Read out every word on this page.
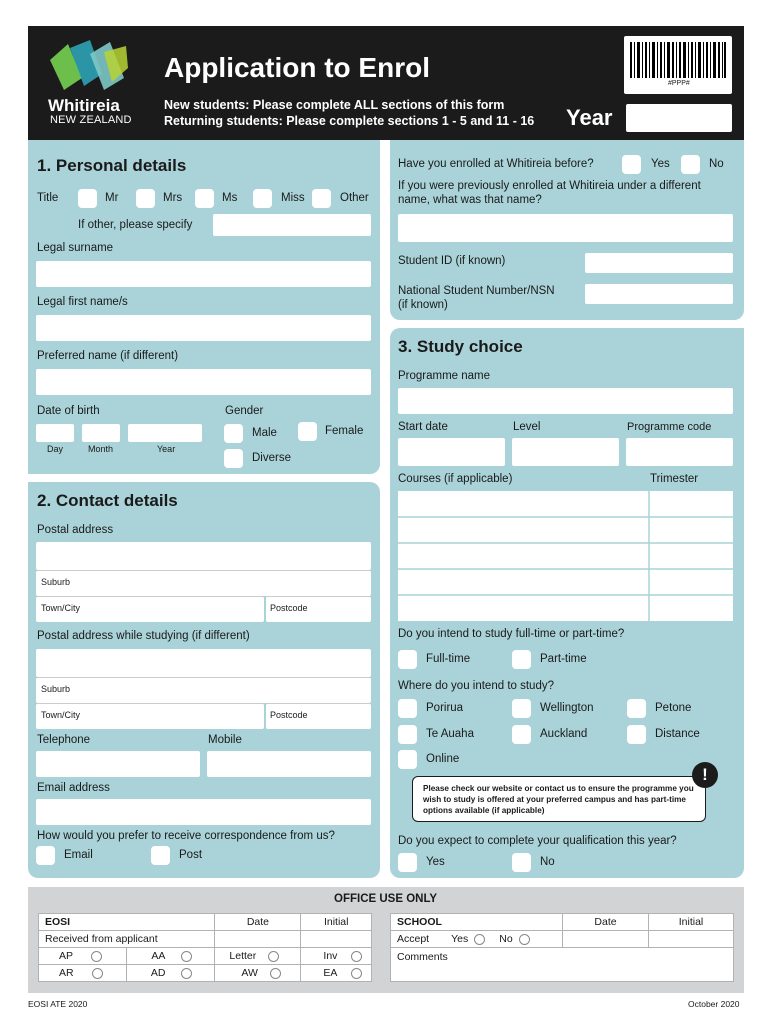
Whitireia
NEW ZEALAND
Application to Enrol
New students: Please complete ALL sections of this form
Returning students: Please complete sections 1 - 5 and 11 - 16 Year
#PPP#
1. Personal details
Title	Mr	Mrs	Ms	Miss	Other
If other, please specify
Legal surname
Legal first name/s
Preferred name (if different)
Date of birth
Day	Month	Year
Gender
Male	Female
Diverse
Have you enrolled at Whitireia before?	Yes	No
If you were previously enrolled at Whitireia under a different
name, what was that name?
Student ID (if known)
National Student Number/NSN
(if known)
2. Contact details
Postal address
Suburb
Town/City	Postcode
Postal address while studying (if different)
Suburb
Town/City	Postcode
Telephone	Mobile
Email address
How would you prefer to receive correspondence from us?
Email	Post
3. Study choice
Programme name
Start date	Level	Programme code
Courses (if applicable)	Trimester
Do you intend to study full-time or part-time?
Full-time	Part-time
Where do you intend to study?
Porirua	Wellington	Petone
Te Auaha	Auckland	Distance
Online
Please check our website or contact us to ensure the programme you wish to study is offered at your preferred campus and has part-time options available (if applicable)
!
Do you expect to complete your qualification this year?
Yes	No
OFFICE USE ONLY
EOSI		Date	Initial
Received from applicant			
AP	AA	Letter	Inv
AR	AD	AW	EA
SCHOOL	Date	Initial
Accept Yes No		
Comments		
EOSI ATE 2020	October 2020
